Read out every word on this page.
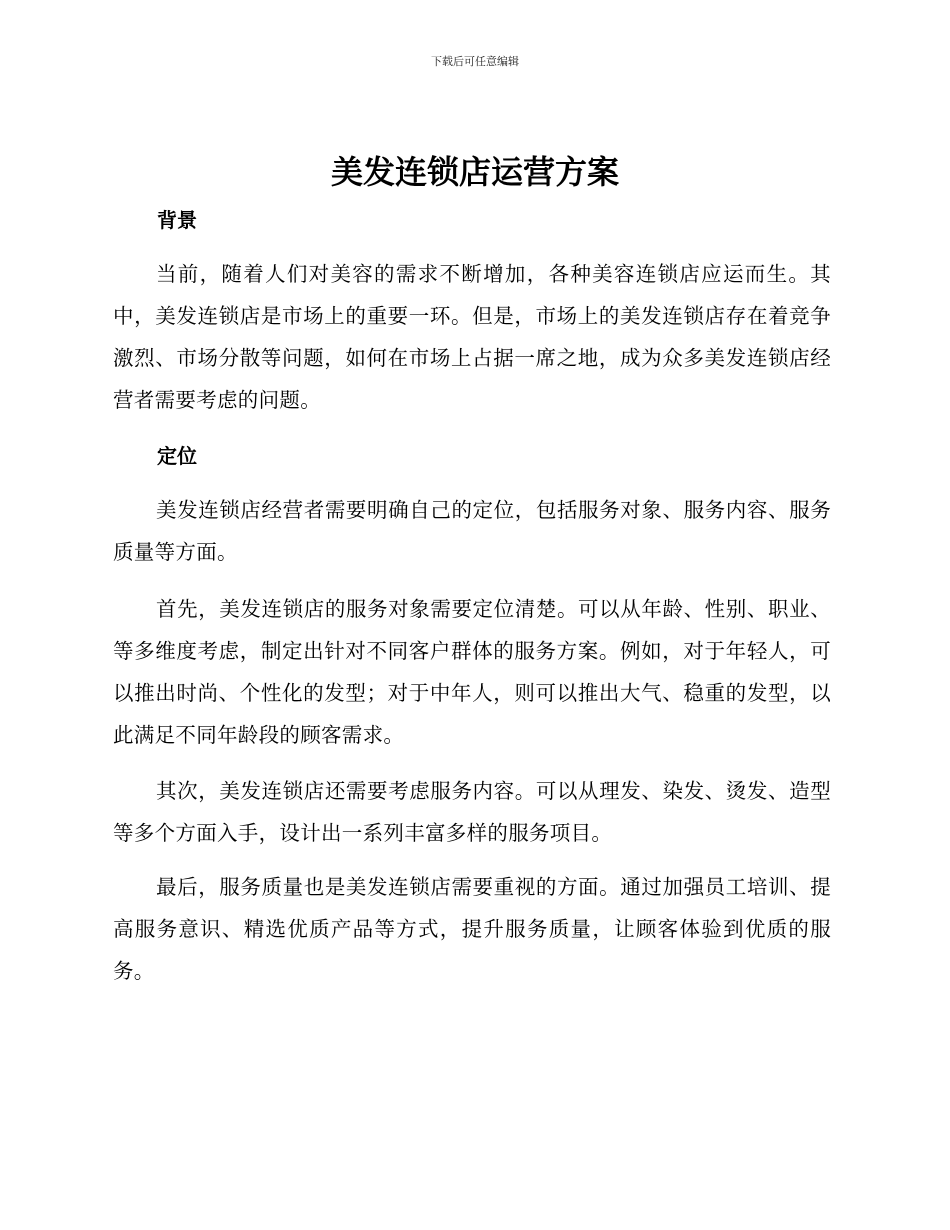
下载后可任意编辑
美发连锁店运营方案
背景

当前，随着人们对美容的需求不断增加，各种美容连锁店应运而生。其中，美发连锁店是市场上的重要一环。但是，市场上的美发连锁店存在着竞争激烈、市场分散等问题，如何在市场上占据一席之地，成为众多美发连锁店经营者需要考虑的问题。

定位

美发连锁店经营者需要明确自己的定位，包括服务对象、服务内容、服务质量等方面。

首先，美发连锁店的服务对象需要定位清楚。可以从年龄、性别、职业、等多维度考虑，制定出针对不同客户群体的服务方案。例如，对于年轻人，可以推出时尚、个性化的发型；对于中年人，则可以推出大气、稳重的发型，以此满足不同年龄段的顾客需求。

其次，美发连锁店还需要考虑服务内容。可以从理发、染发、烫发、造型等多个方面入手，设计出一系列丰富多样的服务项目。

最后，服务质量也是美发连锁店需要重视的方面。通过加强员工培训、提高服务意识、精选优质产品等方式，提升服务质量，让顾客体验到优质的服务。
